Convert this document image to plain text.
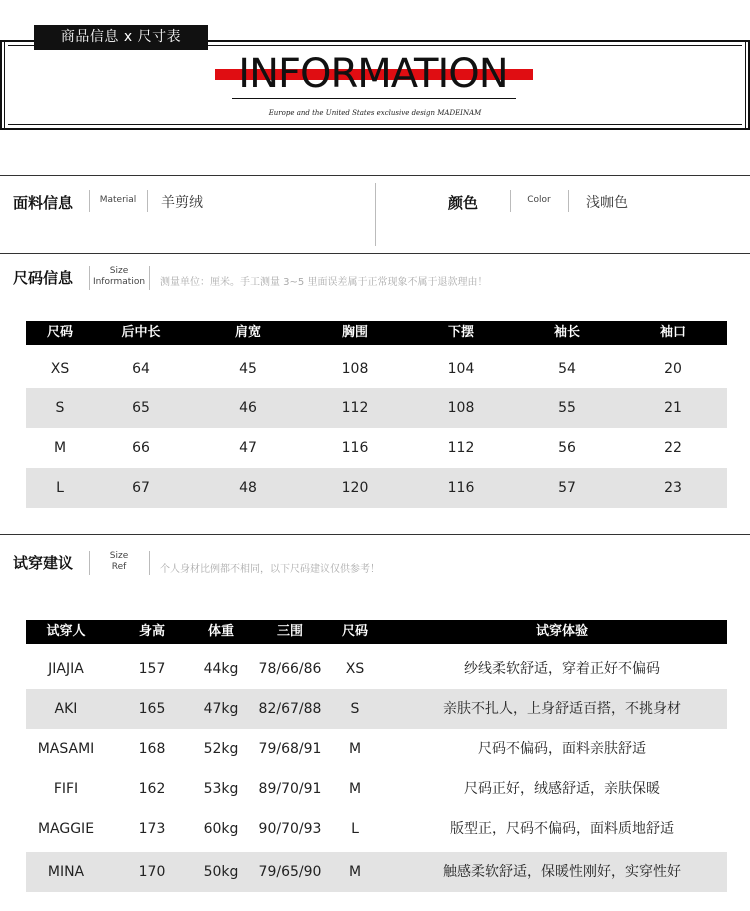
商品信息 x 尺寸表
INFORMATION
Europe and the United States exclusive design MADEINAM
面料信息	Material	羊剪绒	颜色	Color	浅咖色
尺码信息	Size
Information 测量单位：厘米。手工测量 3~5 里面误差属于正常现象不属于退款理由！
尺码	后中长	肩宽	胸围	下摆	袖长	袖口
XS	64	45	108	104	54	20
S	65	46	112	108	55	21
M	66	47	116	112	56	22
L	67	48	120	116	57	23
试穿建议	Size
Ref	个人身材比例都不相同，以下尺码建议仅供参考！
试穿人	身高	体重	三围	尺码	试穿体验
JIAJIA	157	44kg	78/66/86	XS	纱线柔软舒适，穿着正好不偏码
AKI	165	47kg	82/67/88	S	亲肤不扎人，上身舒适百搭，不挑身材
MASAMI	168	52kg	79/68/91	M	尺码不偏码，面料亲肤舒适
FIFI	162	53kg	89/70/91	M	尺码正好，绒感舒适，亲肤保暖
MAGGIE	173	60kg	90/70/93	L	版型正，尺码不偏码，面料质地舒适
MINA	170	50kg	79/65/90	M	触感柔软舒适，保暖性刚好，实穿性好
